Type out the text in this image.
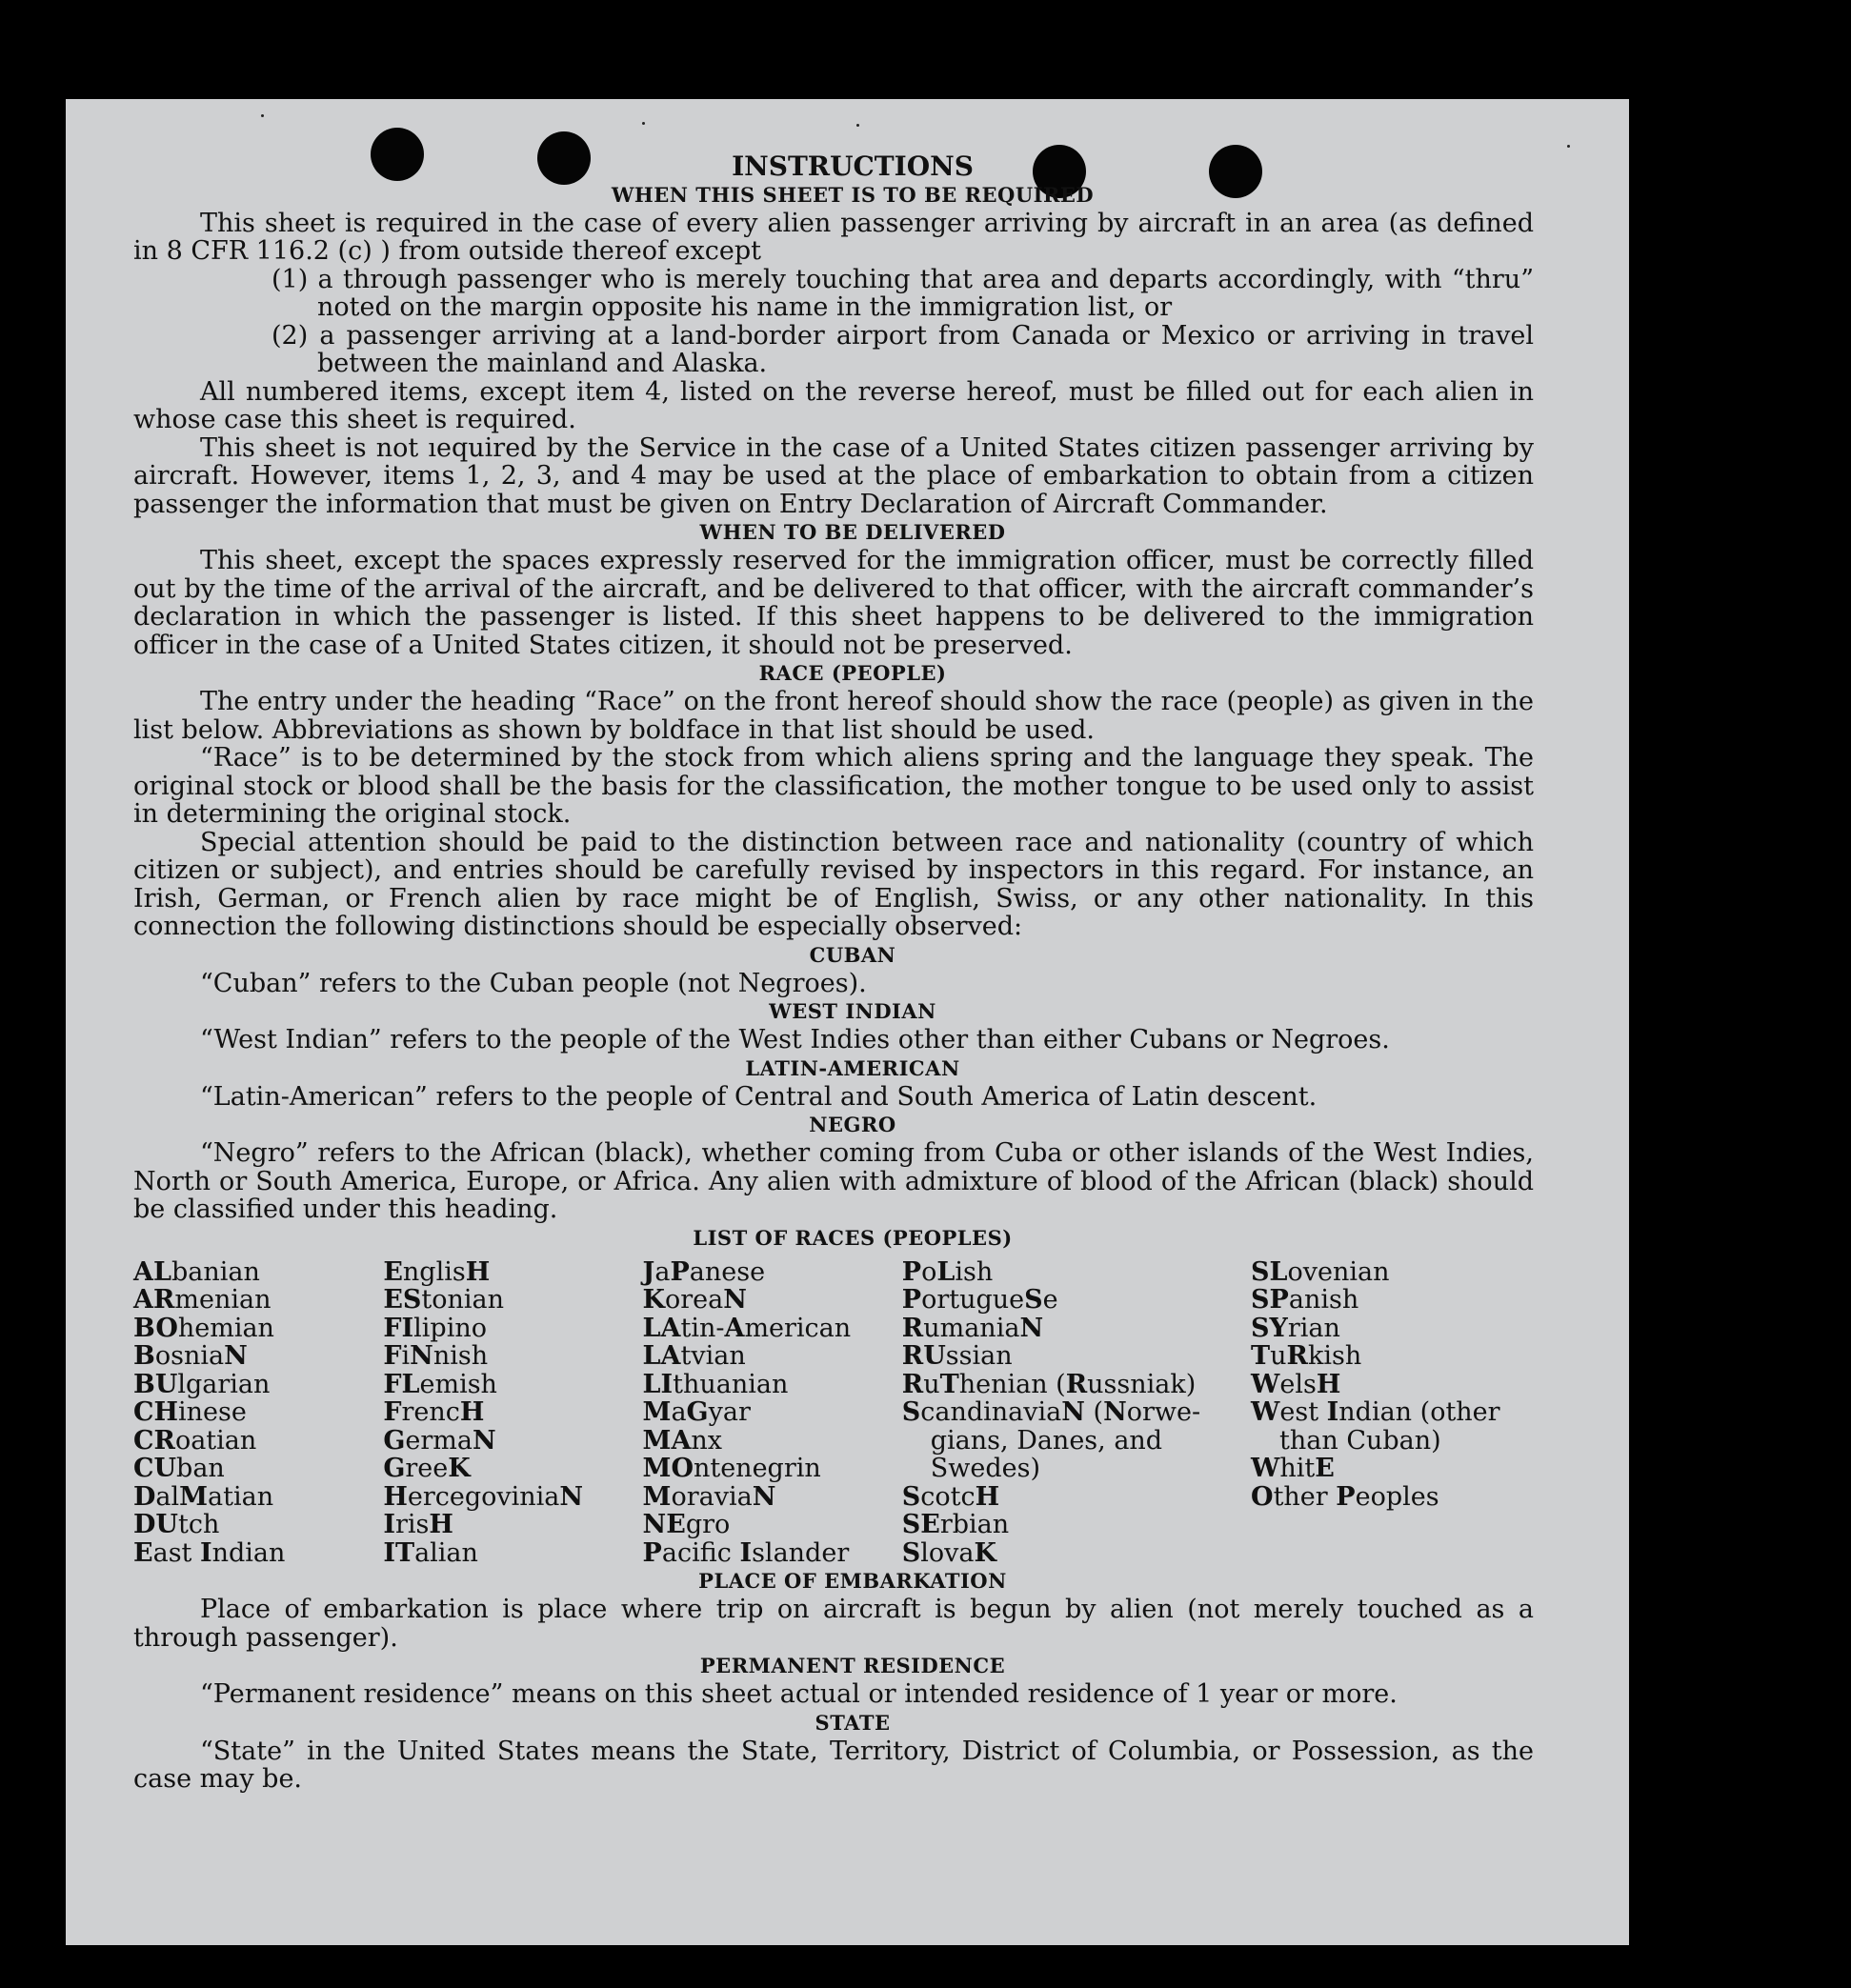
INSTRUCTIONS
WHEN THIS SHEET IS TO BE REQUIRED

This sheet is required in the case of every alien passenger arriving by aircraft in an area (as defined in 8 CFR 116.2 (c) ) from outside thereof except

(1) a through passenger who is merely touching that area and departs accordingly, with “thru” noted on the margin opposite his name in the immigration list, or
(2) a passenger arriving at a land-border airport from Canada or Mexico or arriving in travel between the mainland and Alaska.

All numbered items, except item 4, listed on the reverse hereof, must be filled out for each alien in whose case this sheet is required.

This sheet is not ıequired by the Service in the case of a United States citizen passenger arriving by aircraft. However, items 1, 2, 3, and 4 may be used at the place of embarkation to obtain from a citizen passenger the information that must be given on Entry Declaration of Aircraft Commander.

WHEN TO BE DELIVERED

This sheet, except the spaces expressly reserved for the immigration officer, must be correctly filled out by the time of the arrival of the aircraft, and be delivered to that officer, with the aircraft commander’s declaration in which the passenger is listed. If this sheet happens to be delivered to the immigration officer in the case of a United States citizen, it should not be preserved.

RACE (PEOPLE)

The entry under the heading “Race” on the front hereof should show the race (people) as given in the list below. Abbreviations as shown by boldface in that list should be used.

“Race” is to be determined by the stock from which aliens spring and the language they speak. The original stock or blood shall be the basis for the classification, the mother tongue to be used only to assist in determining the original stock.

Special attention should be paid to the distinction between race and nationality (country of which citizen or subject), and entries should be carefully revised by inspectors in this regard. For instance, an Irish, German, or French alien by race might be of English, Swiss, or any other nationality. In this connection the following distinctions should be especially observed:

CUBAN

“Cuban” refers to the Cuban people (not Negroes).

WEST INDIAN

“West Indian” refers to the people of the West Indies other than either Cubans or Negroes.

LATIN-AMERICAN

“Latin-American” refers to the people of Central and South America of Latin descent.

NEGRO

“Negro” refers to the African (black), whether coming from Cuba or other islands of the West Indies, North or South America, Europe, or Africa. Any alien with admixture of blood of the African (black) should be classified under this heading.

LIST OF RACES (PEOPLES)
ALbanian
ARmenian
BOhemian
BosniaN
BUlgarian
CHinese
CRoatian
CUban
DalMatian
DUtch
East Indian
EnglisH
EStonian
FIlipino
FiNnish
FLemish
FrencH
GermaN
GreeK
HercegoviniaN
IrisH
ITalian
JaPanese
KoreaN
LAtin-American
LAtvian
LIthuanian
MaGyar
MAnx
MOntenegrin
MoraviaN
NEgro
Pacific Islander
PoLish
PortugueSe
RumaniaN
RUssian
RuThenian (Russniak)
ScandinaviaN (Norwe-
gians, Danes, and
Swedes)
ScotcH
SErbian
SlovaK
SLovenian
SPanish
SYrian
TuRkish
WelsH
West Indian (other
than Cuban)
WhitE
Other Peoples
PLACE OF EMBARKATION

Place of embarkation is place where trip on aircraft is begun by alien (not merely touched as a through passenger).

PERMANENT RESIDENCE

“Permanent residence” means on this sheet actual or intended residence of 1 year or more.

STATE

“State” in the United States means the State, Territory, District of Columbia, or Possession, as the case may be.
